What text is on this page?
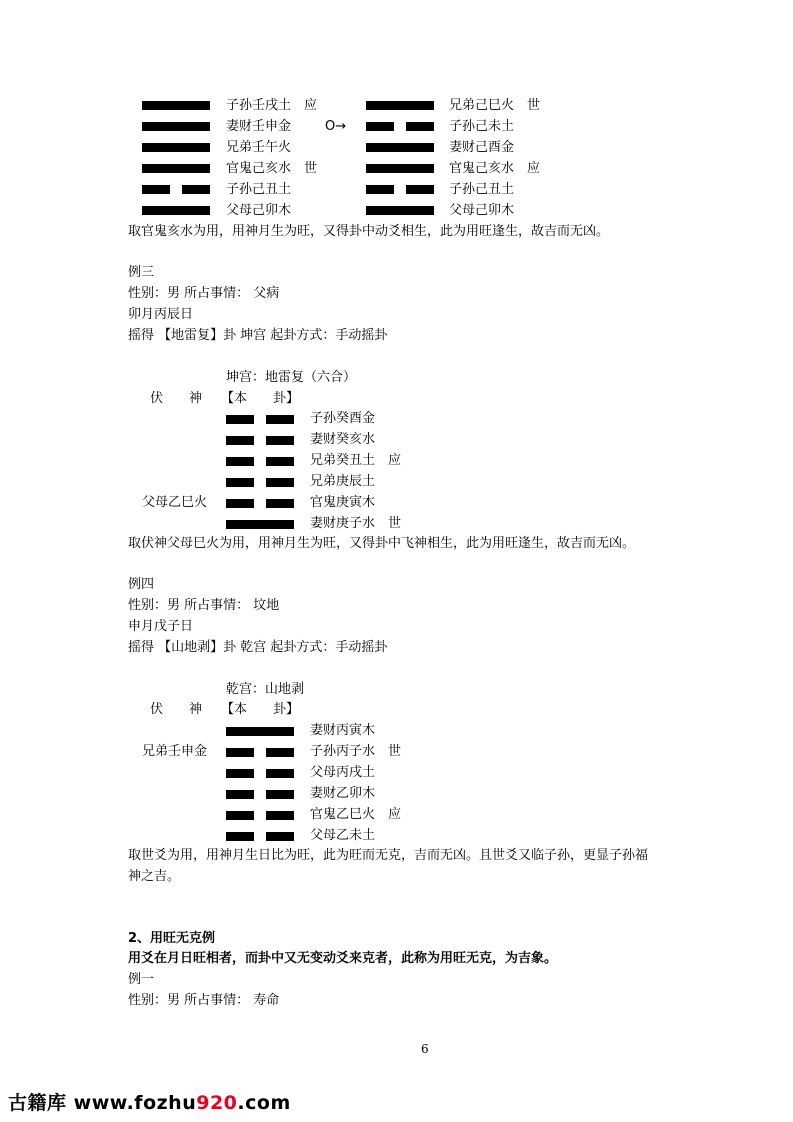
子孙壬戌土　应	兄弟己巳火　世
妻财壬申金	O→	子孙己未土
兄弟壬午火	妻财己酉金
官鬼己亥水　世	官鬼己亥水　应
子孙己丑土	子孙己丑土
父母己卯木	父母己卯木
取官鬼亥水为用，用神月生为旺，又得卦中动爻相生，此为用旺逢生，故吉而无凶。
例三
性别：男 所占事情： 父病
卯月丙辰日
摇得 【地雷复】卦 坤宫 起卦方式：手动摇卦
坤宫：地雷复（六合）
伏　　神 【本　　卦】
子孙癸酉金
妻财癸亥水
兄弟癸丑土　应
兄弟庚辰土
父母乙巳火	官鬼庚寅木
妻财庚子水　世
取伏神父母巳火为用，用神月生为旺，又得卦中飞神相生，此为用旺逢生，故吉而无凶。
例四
性别：男 所占事情： 坟地
申月戊子日
摇得 【山地剥】卦 乾宫 起卦方式：手动摇卦
乾宫：山地剥
伏　　神 【本　　卦】
妻财丙寅木
兄弟壬申金	子孙丙子水　世
父母丙戌土
妻财乙卯木
官鬼乙巳火　应
父母乙未土
取世爻为用，用神月生日比为旺，此为旺而无克，吉而无凶。且世爻又临子孙，更显子孙福
神之吉。
2、用旺无克例
用爻在月日旺相者，而卦中又无变动爻来克者，此称为用旺无克，为吉象。
例一
性别：男 所占事情： 寿命
6
古籍库 www.fozhu920.com
